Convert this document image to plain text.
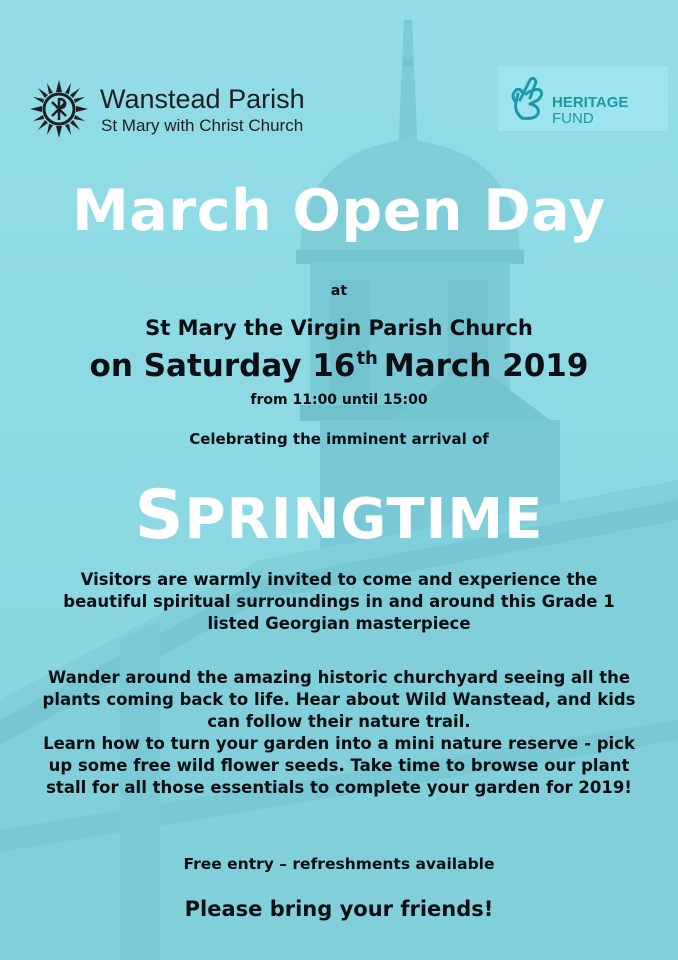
Wanstead Parish
St Mary with Christ Church
HERITAGE
FUND
March Open Day
at
St Mary the Virgin Parish Church
on Saturday 16th March 2019
from 11:00 until 15:00
Celebrating the imminent arrival of
SPRINGTIME
Visitors are warmly invited to come and experience the beautiful spiritual surroundings in and around this Grade 1 listed Georgian masterpiece
Wander around the amazing historic churchyard seeing all the plants coming back to life. Hear about Wild Wanstead, and kids can follow their nature trail.
Learn how to turn your garden into a mini nature reserve - pick up some free wild flower seeds. Take time to browse our plant stall for all those essentials to complete your garden for 2019!
Free entry – refreshments available
Please bring your friends!
